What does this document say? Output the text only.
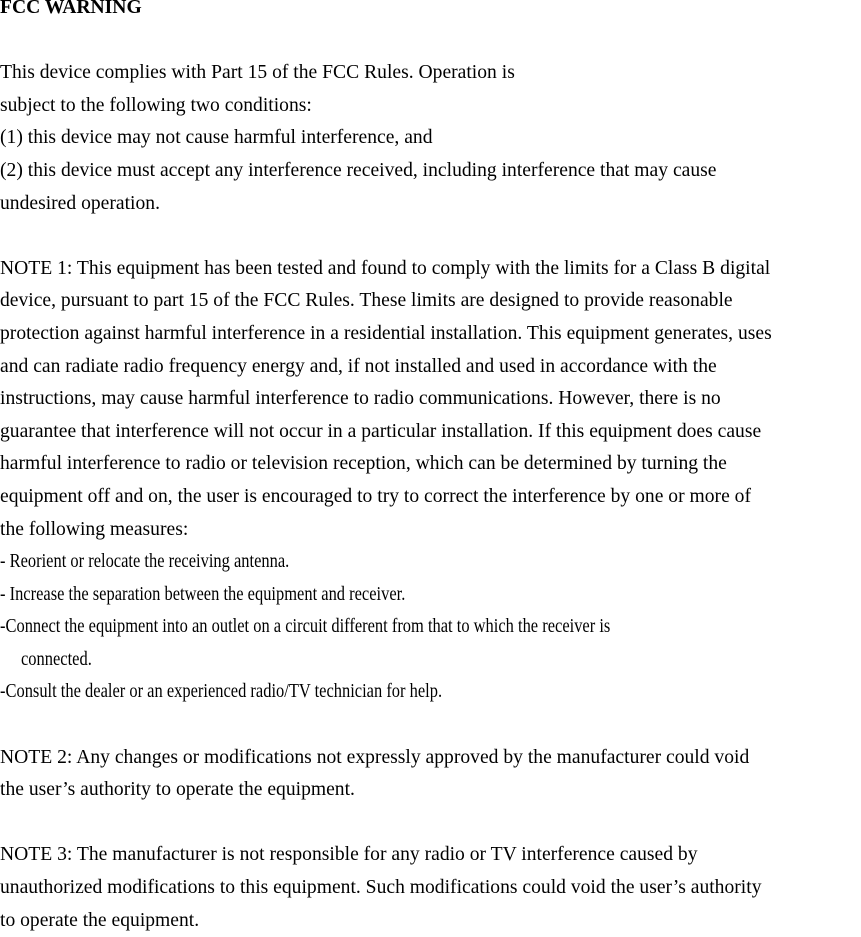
FCC WARNING
This device complies with Part 15 of the FCC Rules. Operation is
subject to the following two conditions:
(1) this device may not cause harmful interference, and
(2) this device must accept any interference received, including interference that may cause
undesired operation.
NOTE 1: This equipment has been tested and found to comply with the limits for a Class B digital
device, pursuant to part 15 of the FCC Rules. These limits are designed to provide reasonable
protection against harmful interference in a residential installation. This equipment generates, uses
and can radiate radio frequency energy and, if not installed and used in accordance with the
instructions, may cause harmful interference to radio communications. However, there is no
guarantee that interference will not occur in a particular installation. If this equipment does cause
harmful interference to radio or television reception, which can be determined by turning the
equipment off and on, the user is encouraged to try to correct the interference by one or more of
the following measures:
- Reorient or relocate the receiving antenna.
- Increase the separation between the equipment and receiver.
-Connect the equipment into an outlet on a circuit different from that to which the receiver is
connected.
-Consult the dealer or an experienced radio/TV technician for help.
NOTE 2: Any changes or modifications not expressly approved by the manufacturer could void
the user’s authority to operate the equipment.
NOTE 3: The manufacturer is not responsible for any radio or TV interference caused by
unauthorized modifications to this equipment. Such modifications could void the user’s authority
to operate the equipment.
